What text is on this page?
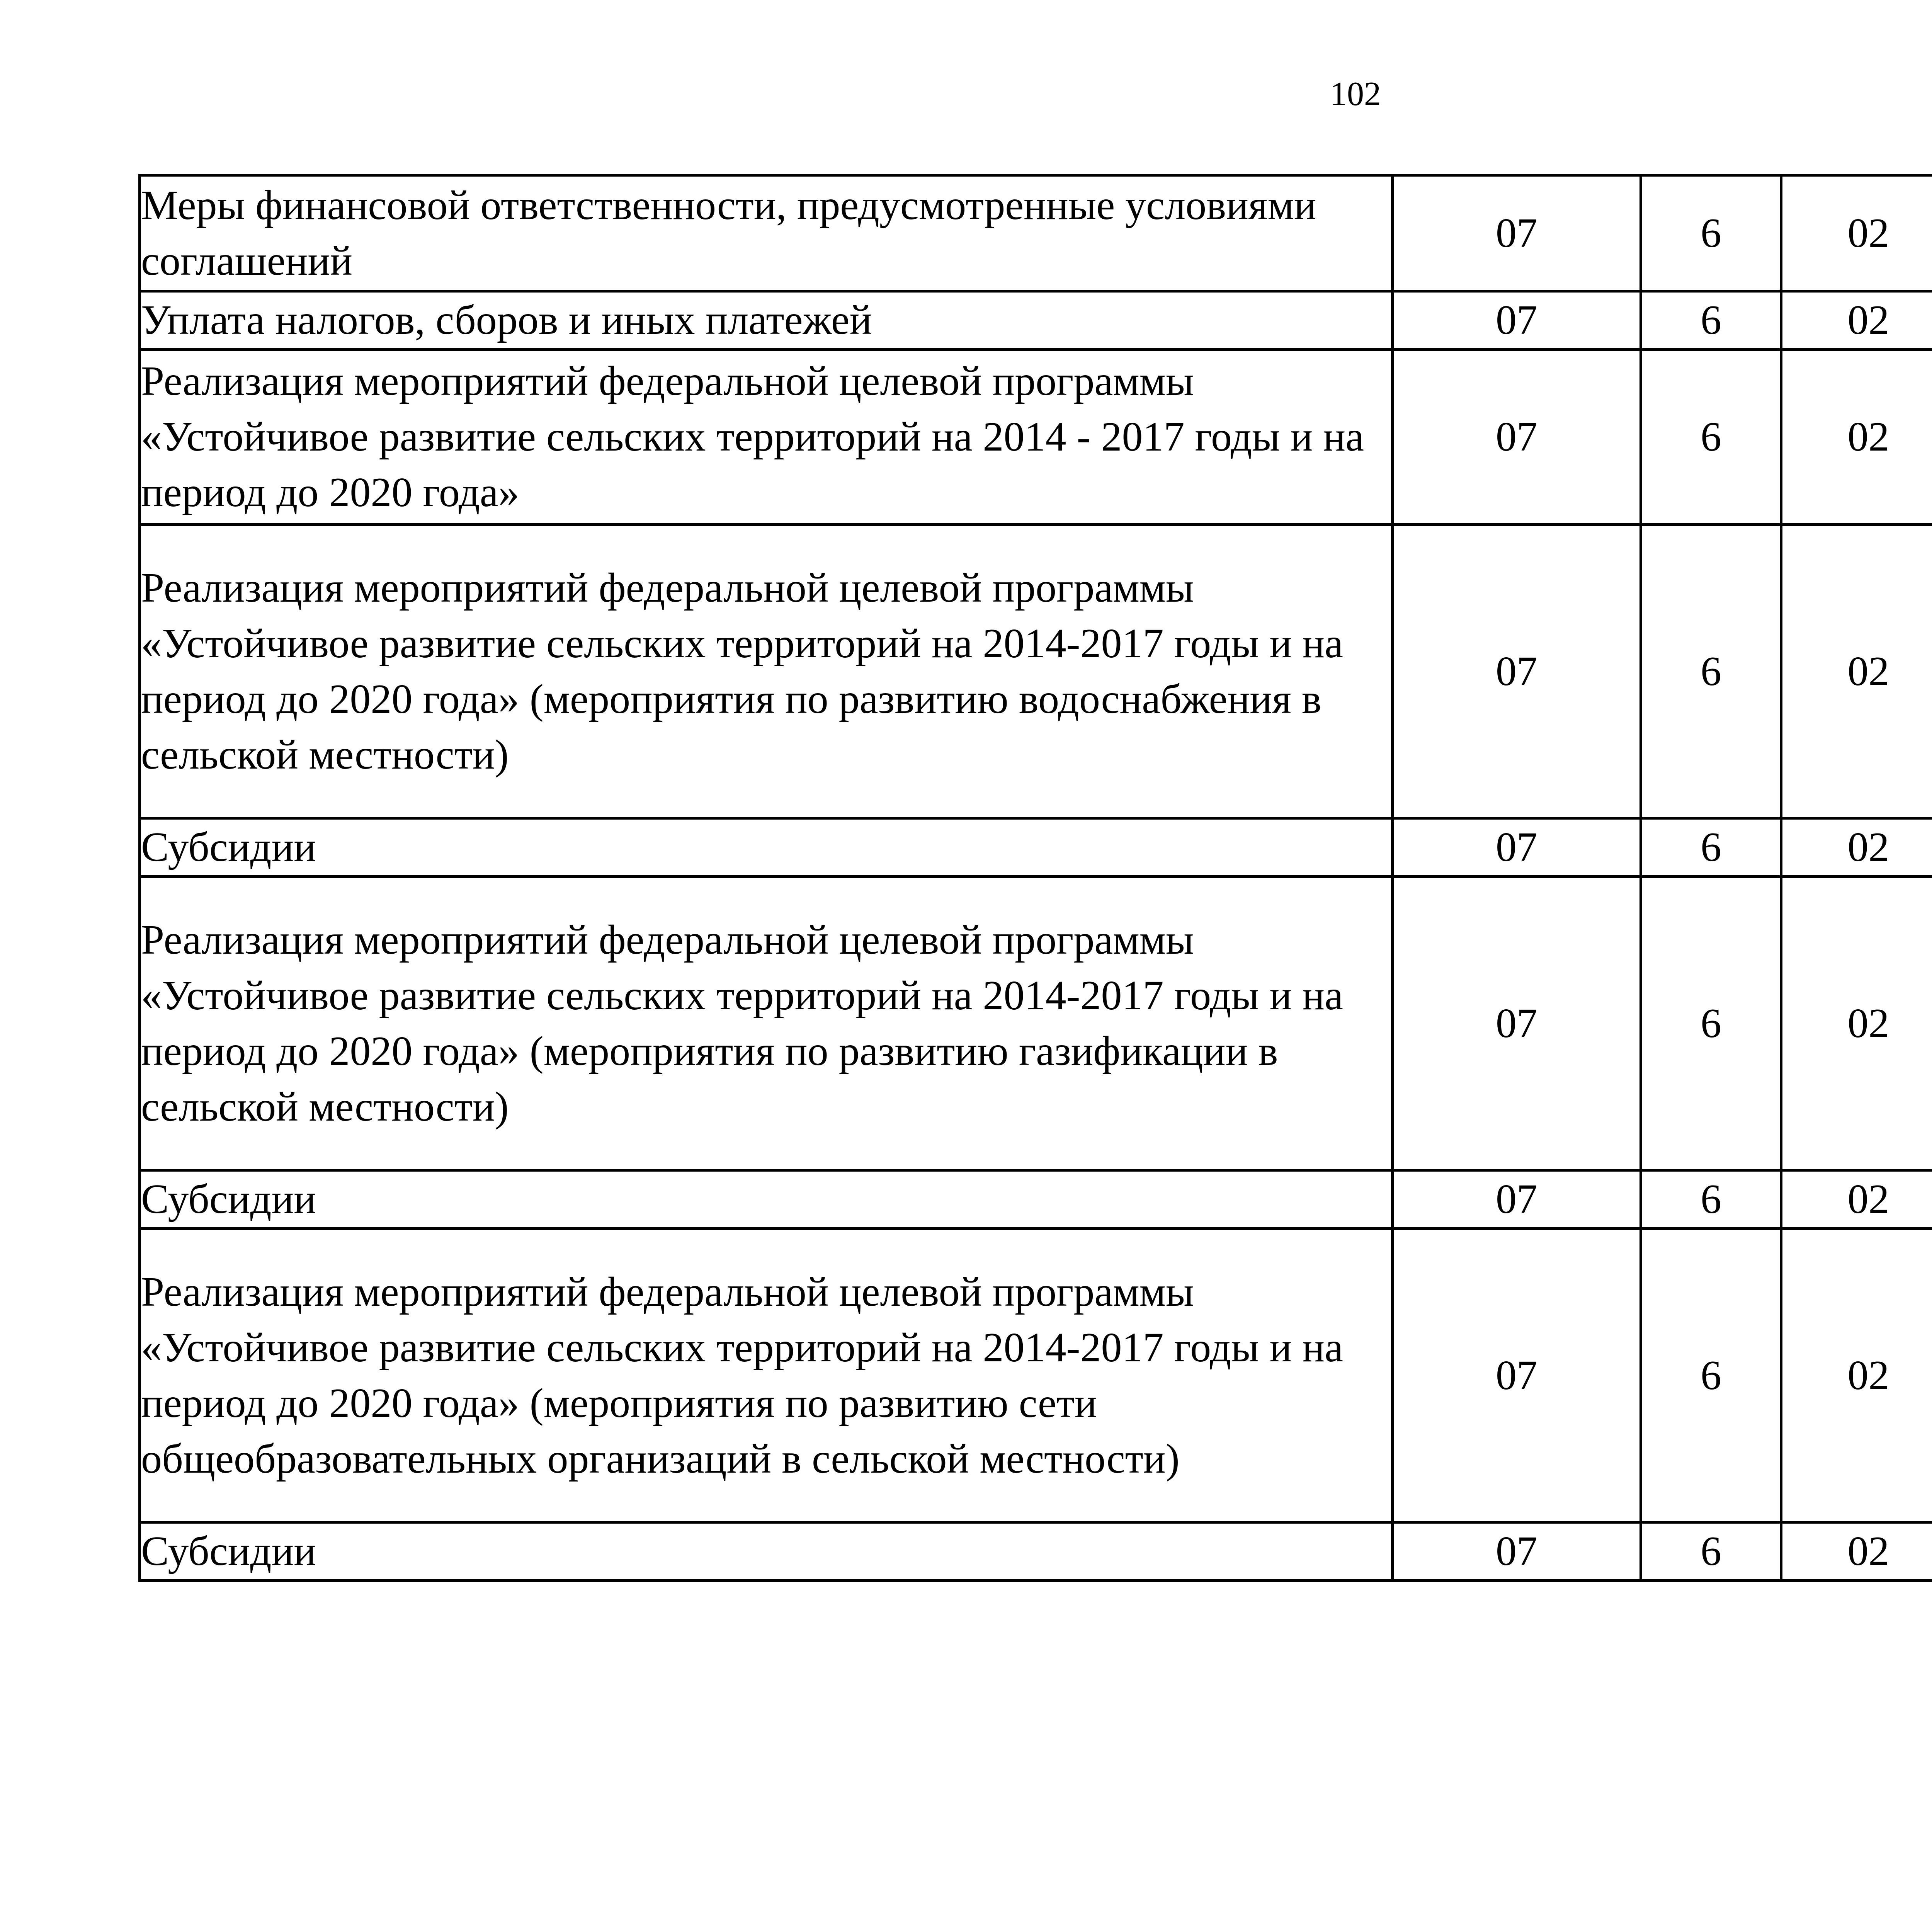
102
Меры финансовой ответственности, предусмотренные условиями соглашений	07	6	02			
Уплата налогов, сборов и иных платежей	07	6	02			
Реализация мероприятий федеральной целевой программы «Устойчивое развитие сельских территорий на 2014 - 2017 годы и на период до 2020 года»	07	6	02			
Реализация мероприятий федеральной целевой программы «Устойчивое развитие сельских территорий на 2014-2017 годы и на период до 2020 года» (мероприятия по развитию водоснабжения в сельской местности)	07	6	02			
Субсидии	07	6	02			
Реализация мероприятий федеральной целевой программы «Устойчивое развитие сельских территорий на 2014-2017 годы и на период до 2020 года» (мероприятия по развитию газификации в сельской местности)	07	6	02			
Субсидии	07	6	02			
Реализация мероприятий федеральной целевой программы «Устойчивое развитие сельских территорий на 2014-2017 годы и на период до 2020 года» (мероприятия по развитию сети общеобразовательных организаций в сельской местности)	07	6	02			
Субсидии	07	6	02			
